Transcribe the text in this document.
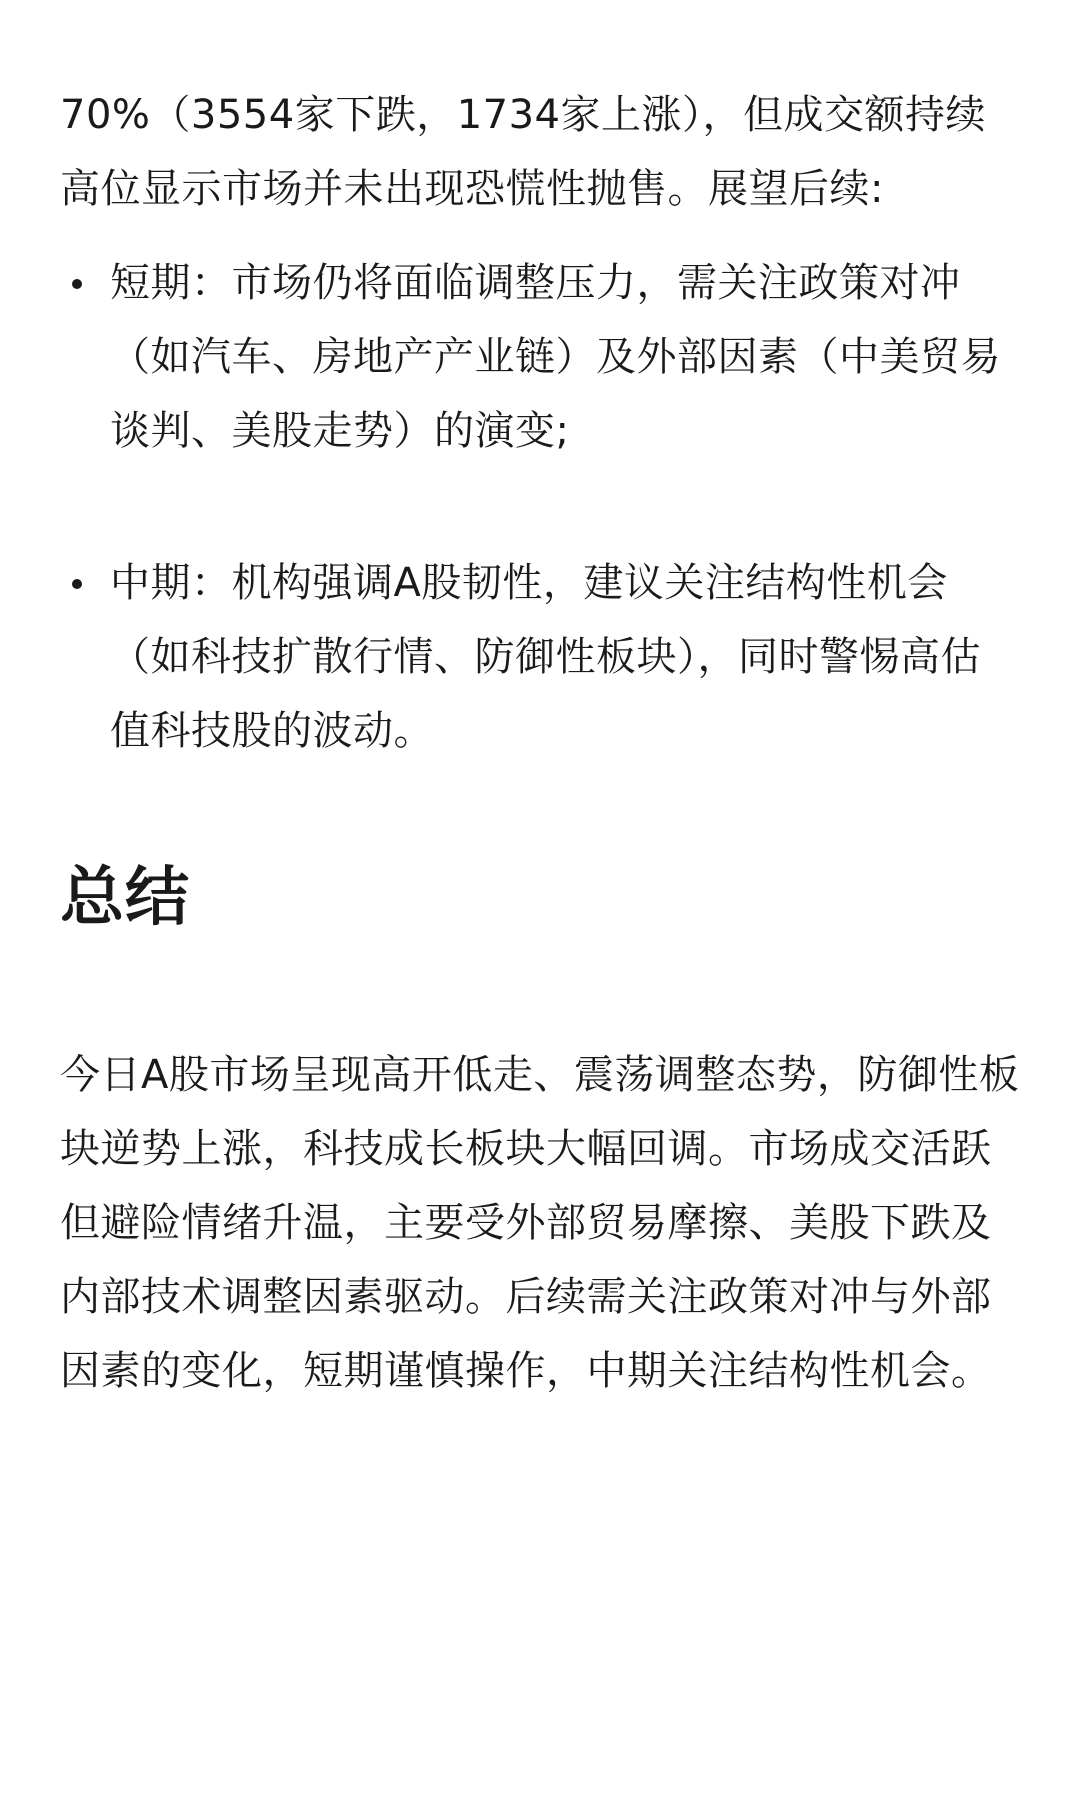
70%（3554家下跌，1734家上涨），但成交额持续高位显示市场并未出现恐慌性抛售。展望后续:

短期：市场仍将面临调整压力，需关注政策对冲（如汽车、房地产产业链）及外部因素（中美贸易谈判、美股走势）的演变;
中期：机构强调A股韧性，建议关注结构性机会（如科技扩散行情、防御性板块），同时警惕高估值科技股的波动。
总结

今日A股市场呈现高开低走、震荡调整态势，防御性板块逆势上涨，科技成长板块大幅回调。市场成交活跃但避险情绪升温，主要受外部贸易摩擦、美股下跌及内部技术调整因素驱动。后续需关注政策对冲与外部因素的变化，短期谨慎操作，中期关注结构性机会。
